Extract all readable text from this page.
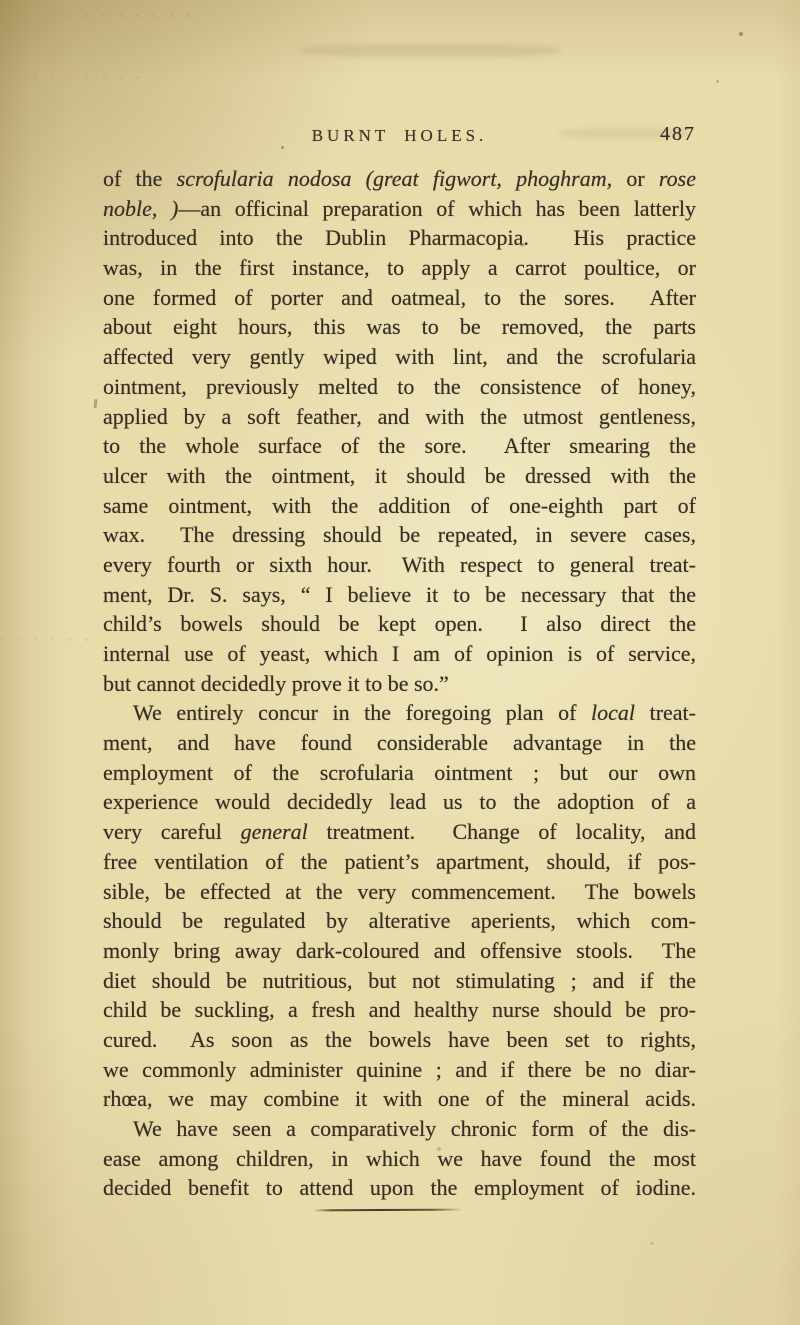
BURNT HOLES.	487
of the scrofularia nodosa (great figwort, phoghram, or rose
noble, )—an officinal preparation of which has been latterly
introduced into the Dublin Pharmacopia.  His practice
was, in the first instance, to apply a carrot poultice, or
one formed of porter and oatmeal, to the sores.  After
about eight hours, this was to be removed, the parts
affected very gently wiped with lint, and the scrofularia
ointment, previously melted to the consistence of honey,
applied by a soft feather, and with the utmost gentleness,
to the whole surface of the sore.  After smearing the
ulcer with the ointment, it should be dressed with the
same ointment, with the addition of one-eighth part of
wax.  The dressing should be repeated, in severe cases,
every fourth or sixth hour.  With respect to general treat-
ment, Dr. S. says, “ I believe it to be necessary that the
child’s bowels should be kept open.  I also direct the
internal use of yeast, which I am of opinion is of service,
but cannot decidedly prove it to be so.”
We entirely concur in the foregoing plan of local treat-
ment, and have found considerable advantage in the
employment of the scrofularia ointment ; but our own
experience would decidedly lead us to the adoption of a
very careful general treatment.  Change of locality, and
free ventilation of the patient’s apartment, should, if pos-
sible, be effected at the very commencement.  The bowels
should be regulated by alterative aperients, which com-
monly bring away dark-coloured and offensive stools.  The
diet should be nutritious, but not stimulating ; and if the
child be suckling, a fresh and healthy nurse should be pro-
cured.  As soon as the bowels have been set to rights,
we commonly administer quinine ; and if there be no diar-
rhœa, we may combine it with one of the mineral acids.
We have seen a comparatively chronic form of the dis-
ease among children, in which we have found the most
decided benefit to attend upon the employment of iodine.
